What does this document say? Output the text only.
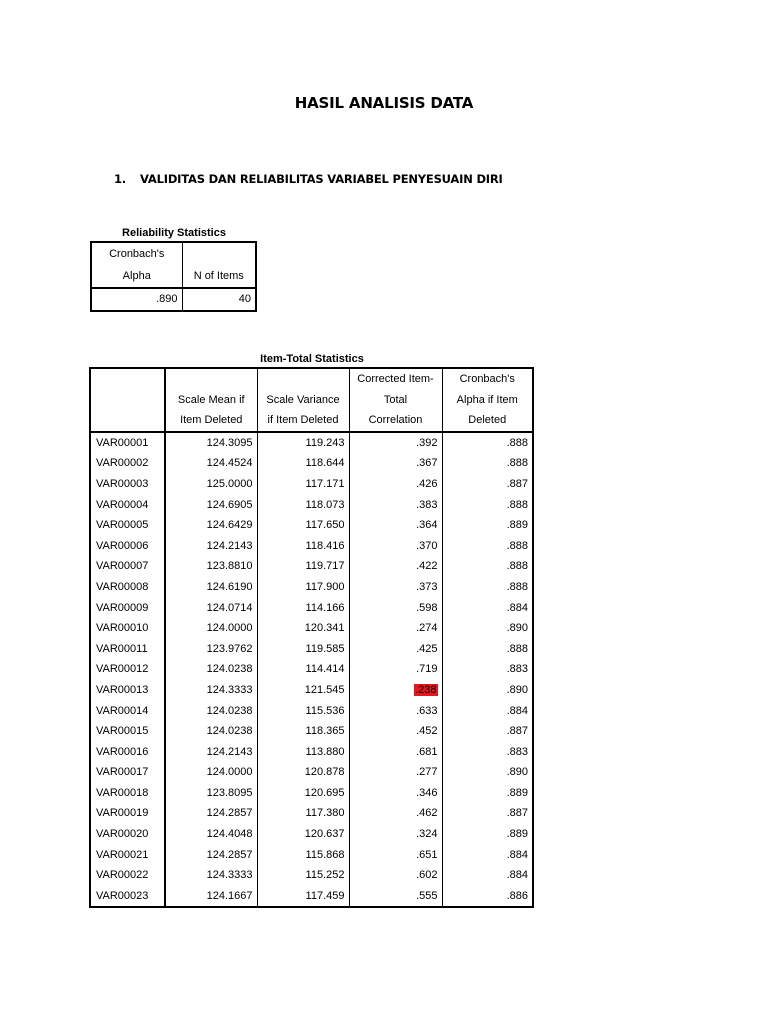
HASIL ANALISIS DATA
1. VALIDITAS DAN RELIABILITAS VARIABEL PENYESUAIN DIRI
Reliability Statistics
Cronbach's	
Alpha	N of Items
.890	40
Item-Total Statistics
			Corrected Item-	Cronbach's
	Scale Mean if	Scale Variance	Total	Alpha if Item
	Item Deleted	if Item Deleted	Correlation	Deleted
VAR00001	124.3095	119.243	.392	.888
VAR00002	124.4524	118.644	.367	.888
VAR00003	125.0000	117.171	.426	.887
VAR00004	124.6905	118.073	.383	.888
VAR00005	124.6429	117.650	.364	.889
VAR00006	124.2143	118.416	.370	.888
VAR00007	123.8810	119.717	.422	.888
VAR00008	124.6190	117.900	.373	.888
VAR00009	124.0714	114.166	.598	.884
VAR00010	124.0000	120.341	.274	.890
VAR00011	123.9762	119.585	.425	.888
VAR00012	124.0238	114.414	.719	.883
VAR00013	124.3333	121.545	.238	.890
VAR00014	124.0238	115.536	.633	.884
VAR00015	124.0238	118.365	.452	.887
VAR00016	124.2143	113.880	.681	.883
VAR00017	124.0000	120.878	.277	.890
VAR00018	123.8095	120.695	.346	.889
VAR00019	124.2857	117.380	.462	.887
VAR00020	124.4048	120.637	.324	.889
VAR00021	124.2857	115.868	.651	.884
VAR00022	124.3333	115.252	.602	.884
VAR00023	124.1667	117.459	.555	.886
